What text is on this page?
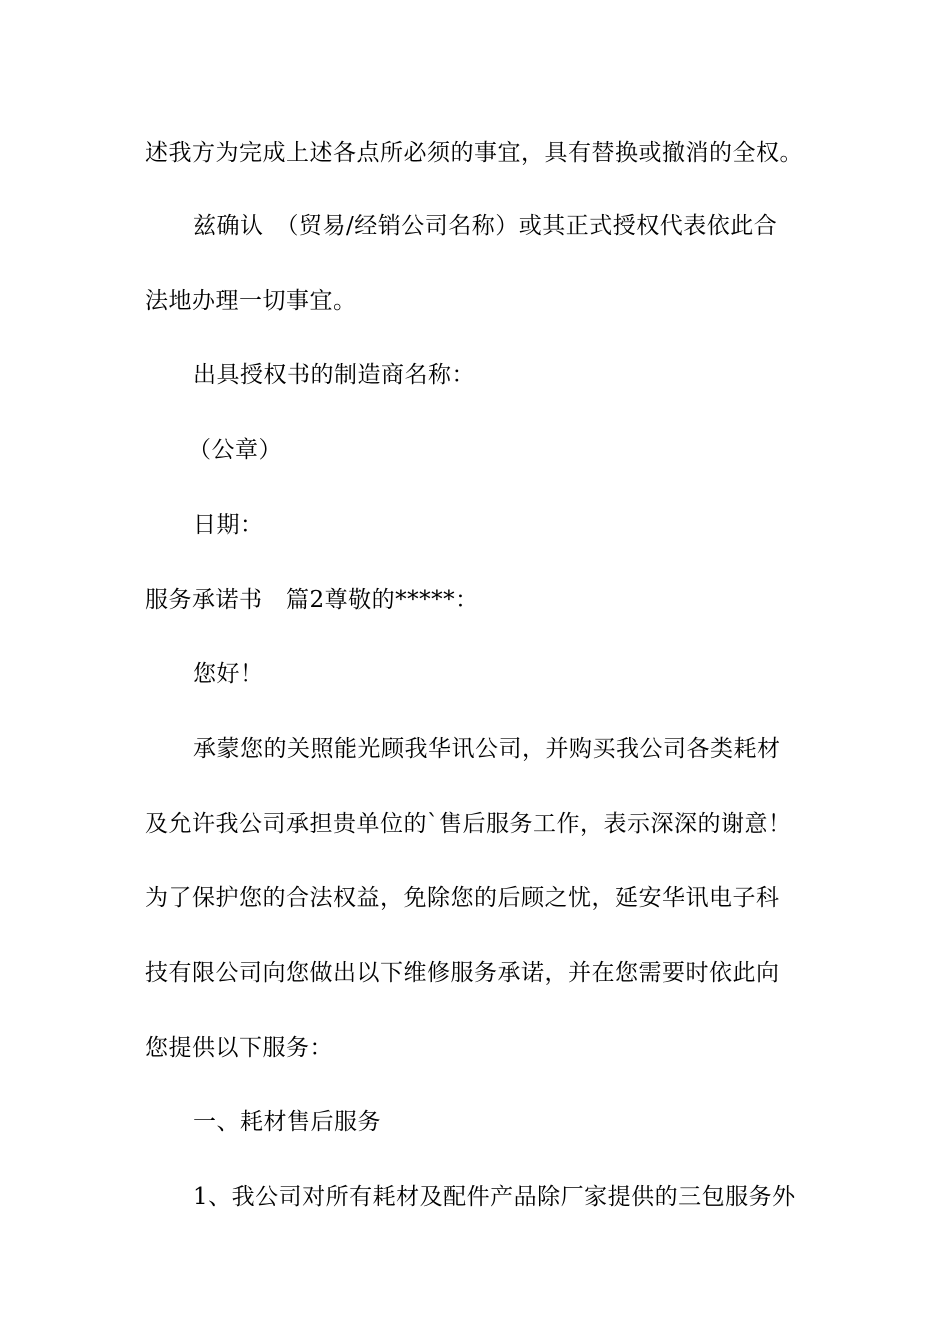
述我方为完成上述各点所必须的事宜，具有替换或撤消的全权。
兹确认　（贸易/经销公司名称）或其正式授权代表依此合
法地办理一切事宜。
出具授权书的制造商名称：
（公章）
日期：
服务承诺书　篇2尊敬的*****：
您好！
承蒙您的关照能光顾我华讯公司，并购买我公司各类耗材
及允许我公司承担贵单位的`售后服务工作，表示深深的谢意！
为了保护您的合法权益，免除您的后顾之忧，延安华讯电子科
技有限公司向您做出以下维修服务承诺，并在您需要时依此向
您提供以下服务：
一、耗材售后服务
1、我公司对所有耗材及配件产品除厂家提供的三包服务外
